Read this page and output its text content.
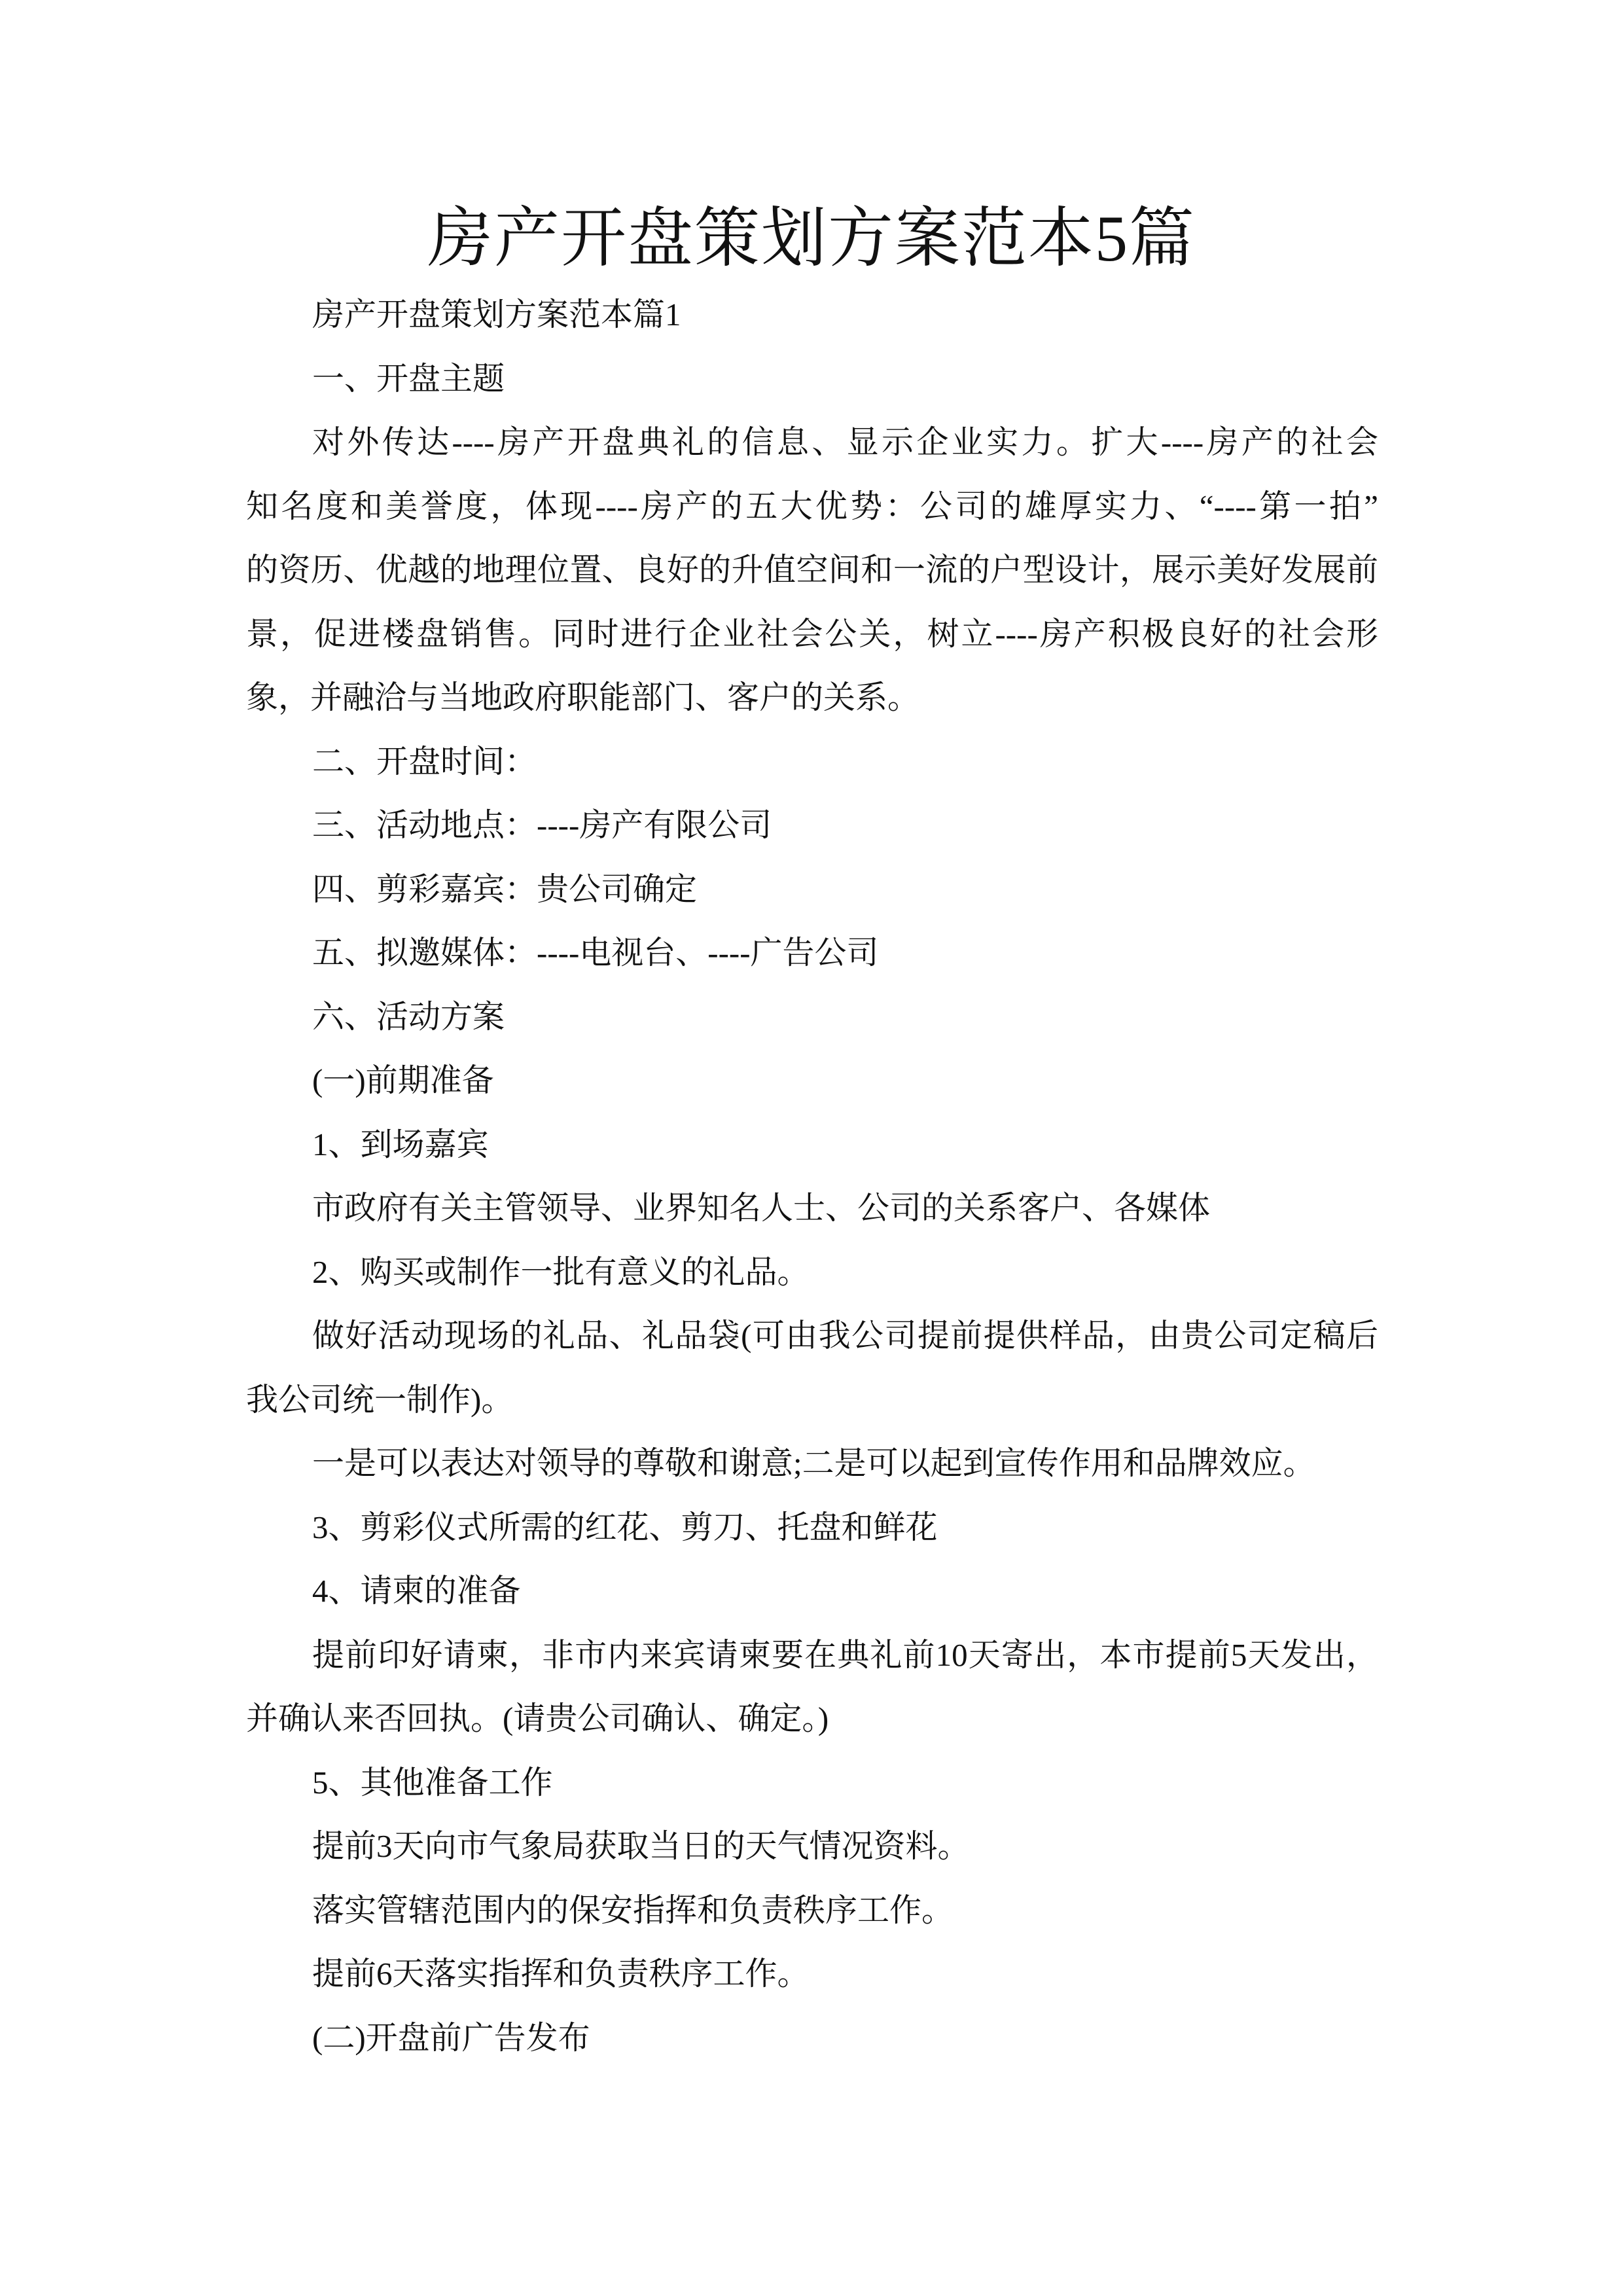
房产开盘策划方案范本5篇
房产开盘策划方案范本篇1
一、开盘主题
对外传达----房产开盘典礼的信息、显示企业实力。扩大----房产的社会
知名度和美誉度，体现----房产的五大优势：公司的雄厚实力、“----第一拍”
的资历、优越的地理位置、良好的升值空间和一流的户型设计，展示美好发展前
景，促进楼盘销售。同时进行企业社会公关，树立----房产积极良好的社会形
象，并融洽与当地政府职能部门、客户的关系。
二、开盘时间：
三、活动地点：----房产有限公司
四、剪彩嘉宾：贵公司确定
五、拟邀媒体：----电视台、----广告公司
六、活动方案
(一)前期准备
1、到场嘉宾
市政府有关主管领导、业界知名人士、公司的关系客户、各媒体
2、购买或制作一批有意义的礼品。
做好活动现场的礼品、礼品袋(可由我公司提前提供样品，由贵公司定稿后
我公司统一制作)。
一是可以表达对领导的尊敬和谢意;二是可以起到宣传作用和品牌效应。
3、剪彩仪式所需的红花、剪刀、托盘和鲜花
4、请柬的准备
提前印好请柬，非市内来宾请柬要在典礼前10天寄出，本市提前5天发出，
并确认来否回执。(请贵公司确认、确定。)
5、其他准备工作
提前3天向市气象局获取当日的天气情况资料。
落实管辖范围内的保安指挥和负责秩序工作。
提前6天落实指挥和负责秩序工作。
(二)开盘前广告发布
